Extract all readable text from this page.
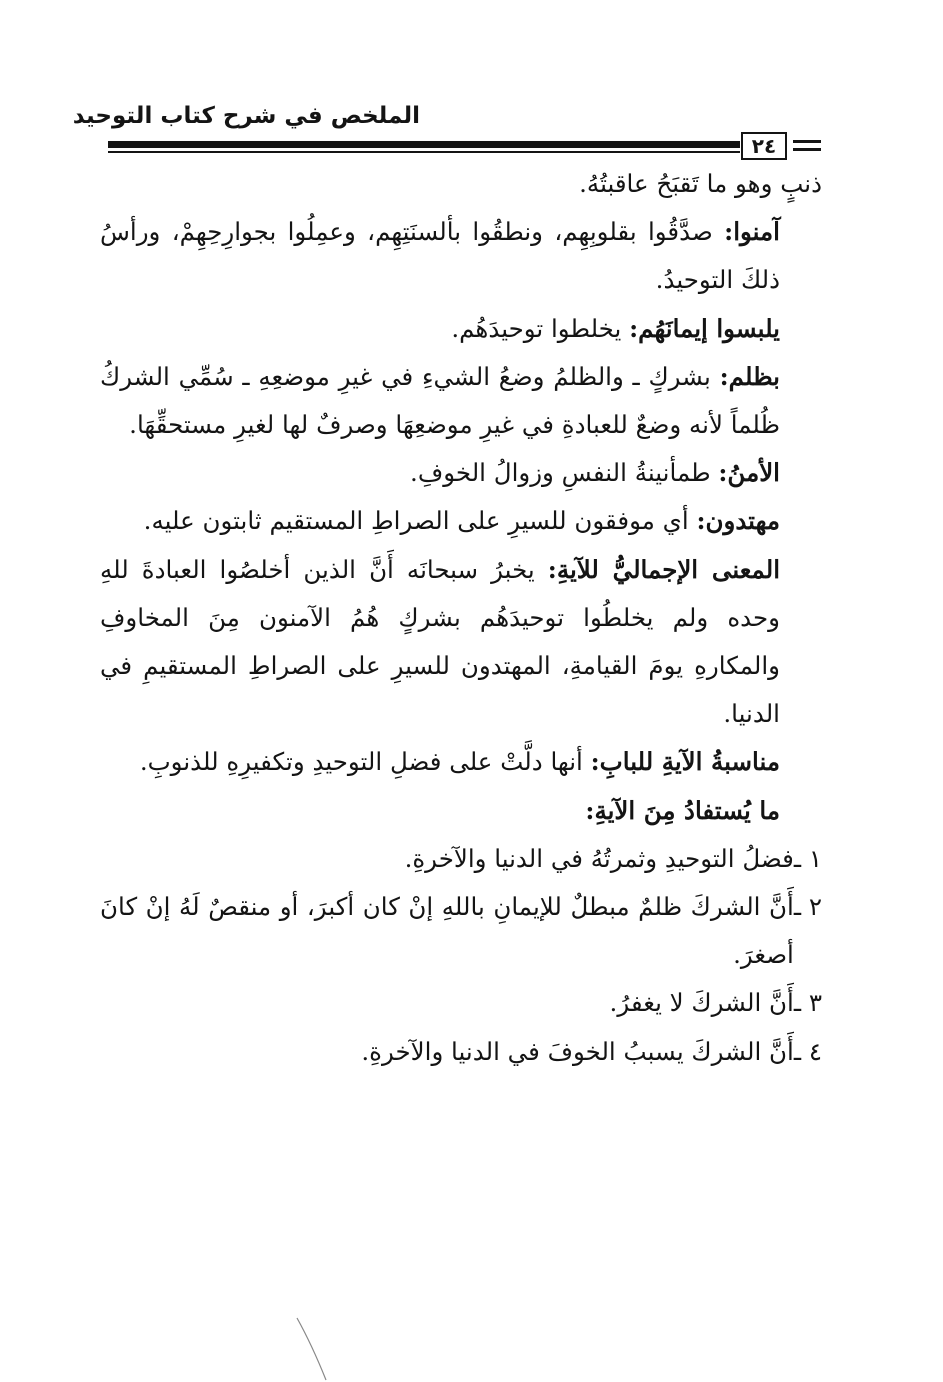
الملخص في شرح كتاب التوحيد
٢٤

ذنبٍ وهو ما تَقبَحُ عاقبتُهُ.

آمنوا: صدَّقُوا بقلوبِهِم، ونطقُوا بألسنَتِهِم، وعمِلُوا بجوارِحِهِمْ، ورأسُ ذلكَ التوحيدُ.

يلبسوا إيمانَهُم: يخلطوا توحيدَهُم.

بظلم: بشركٍ ـ والظلمُ وضعُ الشيءِ في غيرِ موضعِهِ ـ سُمِّي الشركُ ظُلماً لأنه وضعٌ للعبادةِ في غيرِ موضعِهَا وصرفٌ لها لغيرِ مستحقِّهَا.

الأمنُ: طمأنينةُ النفسِ وزوالُ الخوفِ.

مهتدون: أي موفقون للسيرِ على الصراطِ المستقيم ثابتون عليه.

المعنى الإجماليُّ للآيةِ: يخبرُ سبحانَه أَنَّ الذين أخلصُوا العبادةَ للهِ وحده ولم يخلطُوا توحيدَهُم بشركٍ هُمُ الآمنون مِنَ المخاوفِ والمكارهِ يومَ القيامةِ، المهتدون للسيرِ على الصراطِ المستقيمِ في الدنيا.

مناسبةُ الآيةِ للبابِ: أنها دلَّتْ على فضلِ التوحيدِ وتكفيرِهِ للذنوبِ.

ما يُستفادُ مِنَ الآيةِ:

١ ـ
فضلُ التوحيدِ وثمرتُهُ في الدنيا والآخرةِ.
٢ ـ
أَنَّ الشركَ ظلمٌ مبطلٌ للإيمانِ باللهِ إنْ كان أكبرَ، أو منقصٌ لَهُ إنْ كانَ أصغرَ.
٣ ـ
أَنَّ الشركَ لا يغفرُ.
٤ ـ
أَنَّ الشركَ يسببُ الخوفَ في الدنيا والآخرةِ.
